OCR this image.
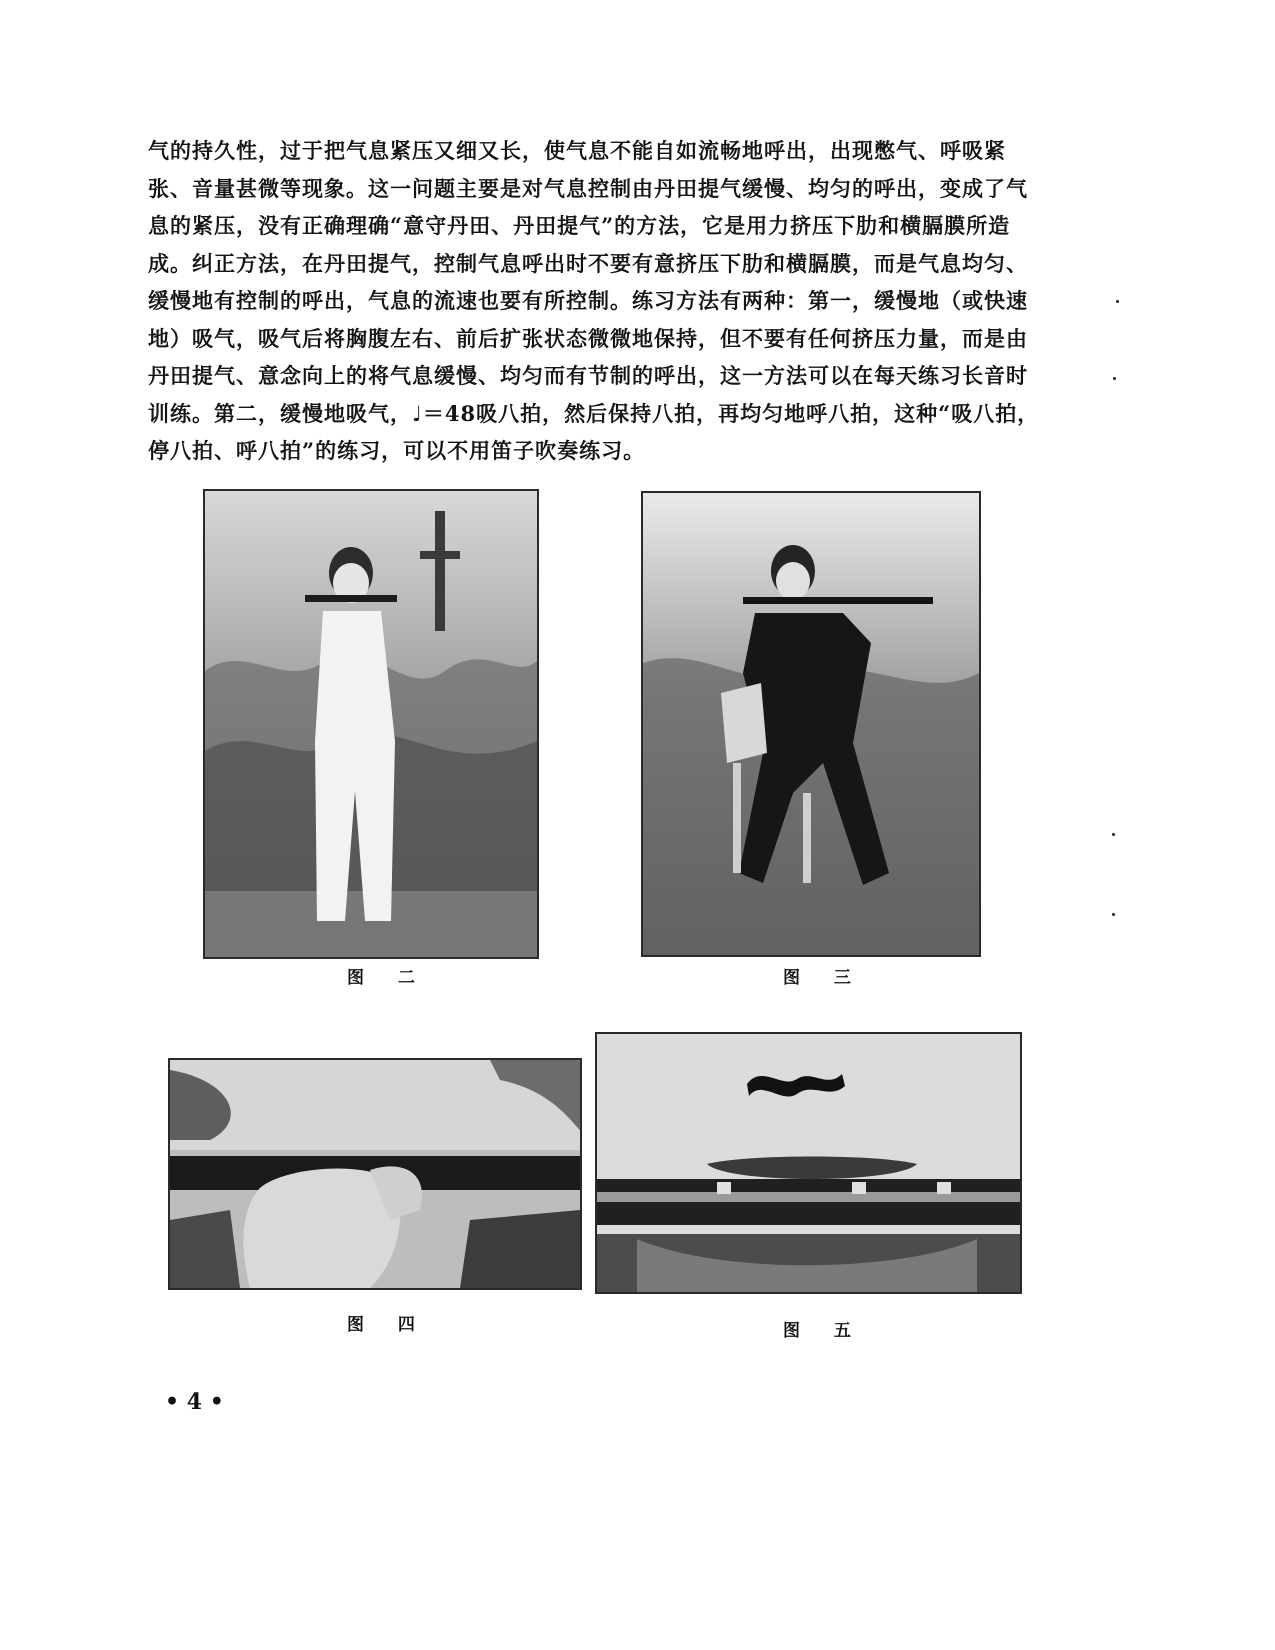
气的持久性，过于把气息紧压又细又长，使气息不能自如流畅地呼出，出现憋气、呼吸紧
张、音量甚微等现象。这一问题主要是对气息控制由丹田提气缓慢、均匀的呼出，变成了气
息的紧压，没有正确理确“意守丹田、丹田提气”的方法，它是用力挤压下肋和横膈膜所造
成。纠正方法，在丹田提气，控制气息呼出时不要有意挤压下肋和横膈膜，而是气息均匀、
缓慢地有控制的呼出，气息的流速也要有所控制。练习方法有两种：第一，缓慢地（或快速
地）吸气，吸气后将胸腹左右、前后扩张状态微微地保持，但不要有任何挤压力量，而是由
丹田提气、意念向上的将气息缓慢、均匀而有节制的呼出，这一方法可以在每天练习长音时
训练。第二，缓慢地吸气，♩＝48吸八拍，然后保持八拍，再均匀地呼八拍，这种“吸八拍，
停八拍、呼八拍”的练习，可以不用笛子吹奏练习。
图 二	图 三
图 四	图 五
• 4 •
